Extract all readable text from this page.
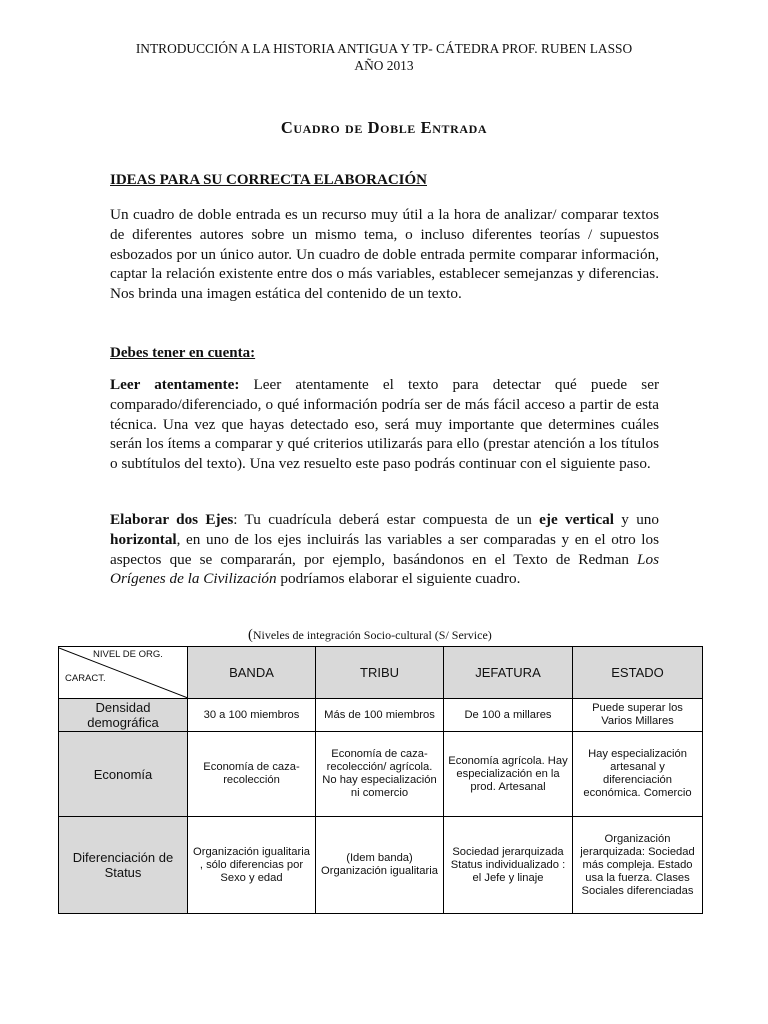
INTRODUCCIÓN A LA HISTORIA ANTIGUA Y TP- CÁTEDRA PROF. RUBEN LASSO
AÑO 2013
Cuadro de Doble Entrada
IDEAS PARA SU CORRECTA ELABORACIÓN

Un cuadro de doble entrada es un recurso muy útil a la hora de analizar/ comparar textos de diferentes autores sobre un mismo tema, o incluso diferentes teorías / supuestos esbozados por un único autor. Un cuadro de doble entrada permite comparar información, captar la relación existente entre dos o más variables, establecer semejanzas y diferencias. Nos brinda una imagen estática del contenido de un texto.

Debes tener en cuenta:

Leer atentamente: Leer atentamente el texto para detectar qué puede ser comparado/diferenciado, o qué información podría ser de más fácil acceso a partir de esta técnica. Una vez que hayas detectado eso, será muy importante que determines cuáles serán los ítems a comparar y qué criterios utilizarás para ello (prestar atención a los títulos o subtítulos del texto). Una vez resuelto este paso podrás continuar con el siguiente paso.

Elaborar dos Ejes: Tu cuadrícula deberá estar compuesta de un eje vertical y uno horizontal, en uno de los ejes incluirás las variables a ser comparadas y en el otro los aspectos que se compararán, por ejemplo, basándonos en el Texto de Redman Los Orígenes de la Civilización podríamos elaborar el siguiente cuadro.

(Niveles de integración Socio-cultural (S/ Service)
NIVEL DE ORG.
CARACT.	BANDA	TRIBU	JEFATURA	ESTADO
Densidad demográfica	30 a 100 miembros	Más de 100 miembros	De 100 a millares	Puede superar los Varios Millares
Economía	Economía de caza-recolección	Economía de caza-recolección/ agrícola. No hay especialización ni comercio	Economía agrícola. Hay especialización en la prod. Artesanal	Hay especialización artesanal y diferenciación económica. Comercio
Diferenciación de Status	Organización igualitaria , sólo diferencias por Sexo y edad	(Idem banda) Organización igualitaria	Sociedad jerarquizada Status individualizado : el Jefe y linaje	Organización jerarquizada: Sociedad más compleja. Estado usa la fuerza. Clases Sociales diferenciadas
